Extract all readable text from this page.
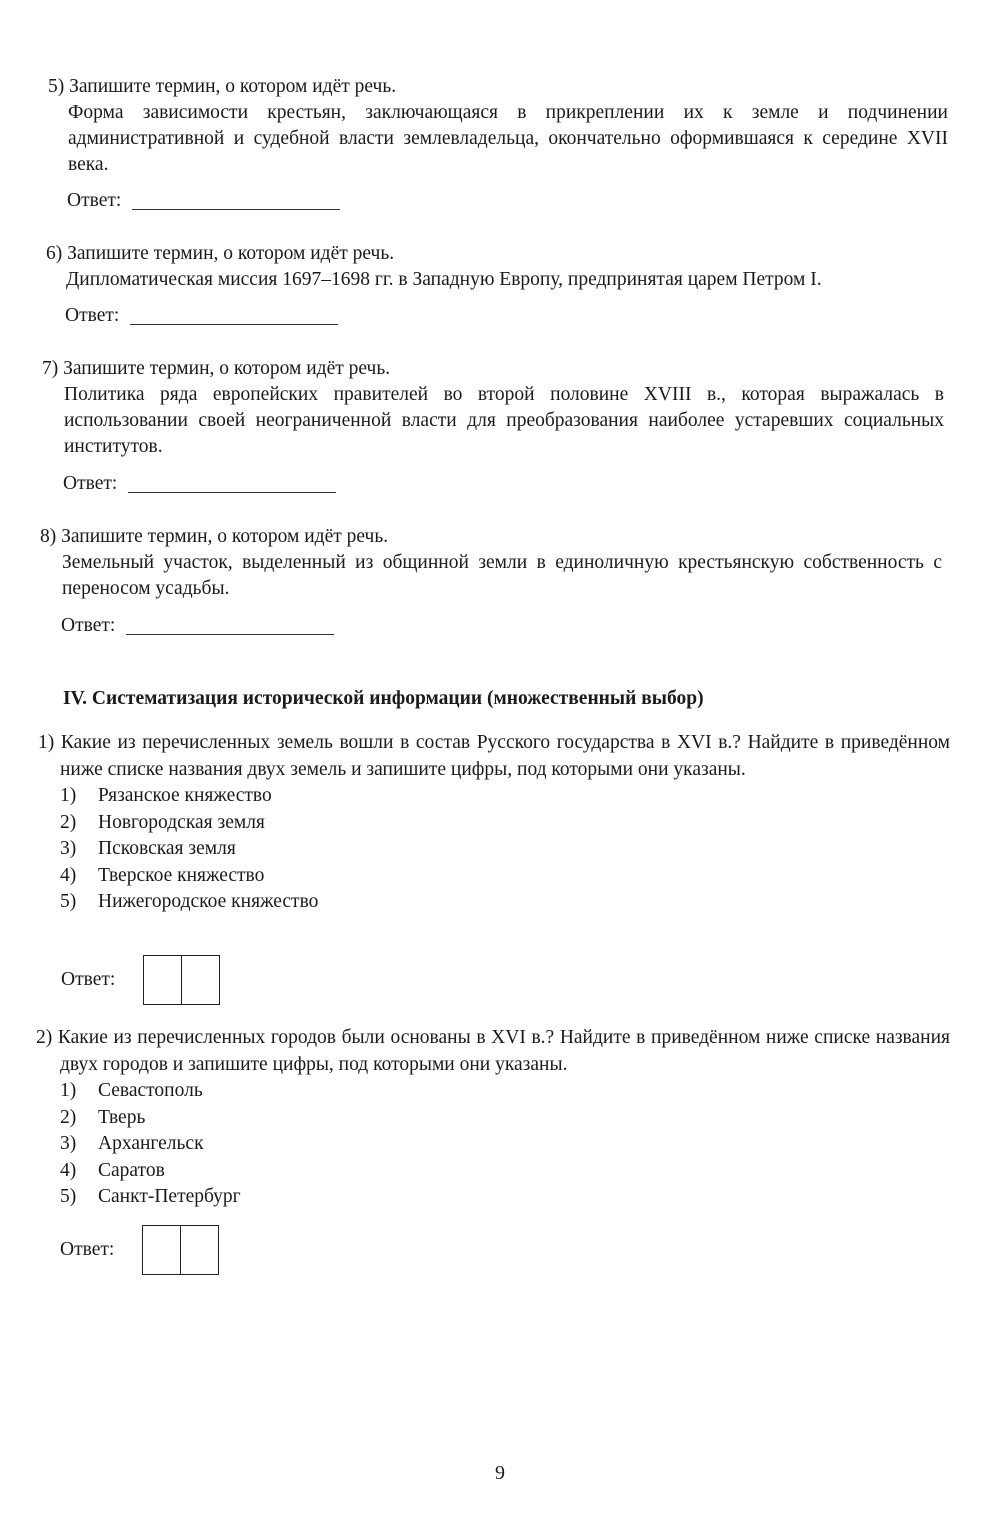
5) Запишите термин, о котором идёт речь.
Форма зависимости крестьян, заключающаяся в прикреплении их к земле и подчинении административной и судебной власти землевладельца, окончательно оформившаяся к середине XVII века.
Ответ:
6) Запишите термин, о котором идёт речь.
Дипломатическая миссия 1697–1698 гг. в Западную Европу, предпринятая царем Петром I.
Ответ:
7) Запишите термин, о котором идёт речь.
Политика ряда европейских правителей во второй половине XVIII в., которая выражалась в использовании своей неограниченной власти для преобразования наиболее устаревших социальных институтов.
Ответ:
8) Запишите термин, о котором идёт речь.
Земельный участок, выделенный из общинной земли в единоличную крестьянскую собственность с переносом усадьбы.
Ответ:
IV. Систематизация исторической информации (множественный выбор)
1) Какие из перечисленных земель вошли в состав Русского государства в XVI в.? Найдите в приведённом ниже списке названия двух земель и запишите цифры, под которыми они указаны.
1) Рязанское княжество
2) Новгородская земля
3) Псковская земля
4) Тверское княжество
5) Нижегородское княжество
Ответ:
2) Какие из перечисленных городов были основаны в XVI в.? Найдите в приведённом ниже списке названия двух городов и запишите цифры, под которыми они указаны.
1) Севастополь
2) Тверь
3) Архангельск
4) Саратов
5) Санкт-Петербург
Ответ:
9
